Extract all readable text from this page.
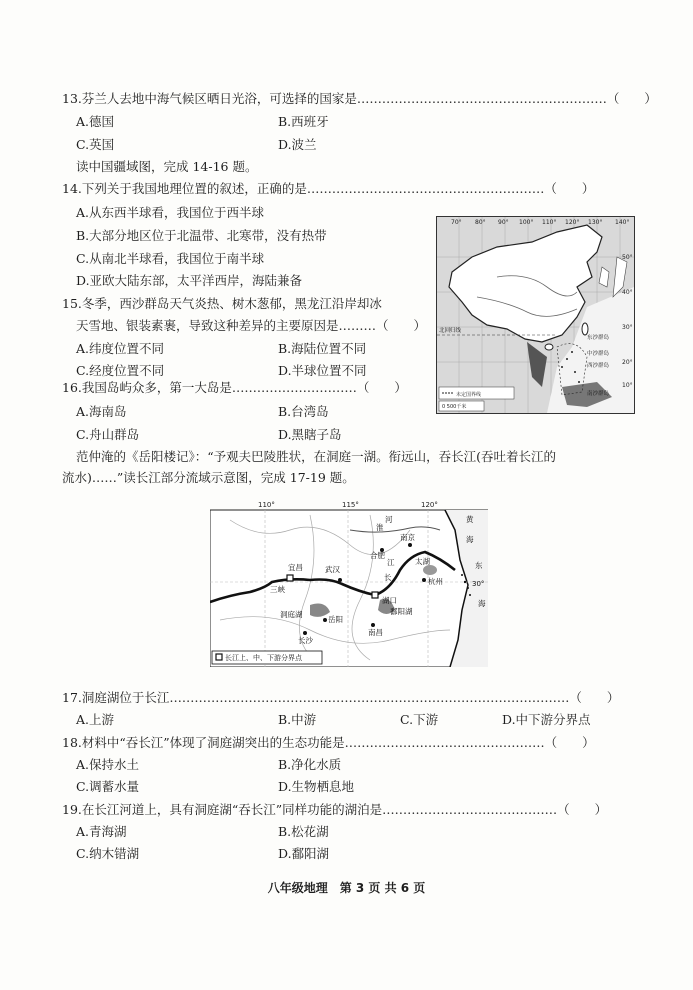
13.芬兰人去地中海气候区晒日光浴，可选择的国家是……………………………………………………（　　）
A.德国	B.西班牙
C.英国	D.波兰
读中国疆域图，完成 14-16 题。
14.下列关于我国地理位置的叙述，正确的是…………………………………………………（　　）
A.从东西半球看，我国位于西半球
B.大部分地区位于北温带、北寒带，没有热带
C.从南北半球看，我国位于南半球
D.亚欧大陆东部，太平洋西岸，海陆兼备
15.冬季，西沙群岛天气炎热、树木葱郁，黑龙江沿岸却冰
天雪地、银装素裹，导致这种差异的主要原因是………（　　）
A.纬度位置不同	B.海陆位置不同
C.经度位置不同	D.半球位置不同
16.我国岛屿众多，第一大岛是…………………………（　　）
A.海南岛	B.台湾岛
C.舟山群岛	D.黑瞎子岛
范仲淹的《岳阳楼记》：“予观夫巴陵胜状，在洞庭一湖。衔远山，吞长江(吞吐着长江的
流水)……”读长江部分流域示意图，完成 17-19 题。
未定国界线
0 500千米
70° 80° 90° 100° 110° 120° 130° 140°
50°
40°
30°
20°
10°
北回归线
东沙群岛
中沙群岛
西沙群岛
南沙群岛
110°	115°	120°
淮
河
合肥
南京
太湖
宜昌
三峡
武汉
长
江
湖口
杭州
洞庭湖
岳阳
鄱阳湖
长沙
南昌
黄
海
东
海
30°
长江上、中、下游分界点
17.洞庭湖位于长江……………………………………………………………………………………（　　）
A.上游	B.中游	C.下游	D.中下游分界点
18.材料中“吞长江”体现了洞庭湖突出的生态功能是…………………………………………（　　）
A.保持水土	B.净化水质
C.调蓄水量	D.生物栖息地
19.在长江河道上，具有洞庭湖“吞长江”同样功能的湖泊是……………………………………（　　）
A.青海湖	B.松花湖
C.纳木错湖	D.鄱阳湖
八年级地理　第 3 页 共 6 页
